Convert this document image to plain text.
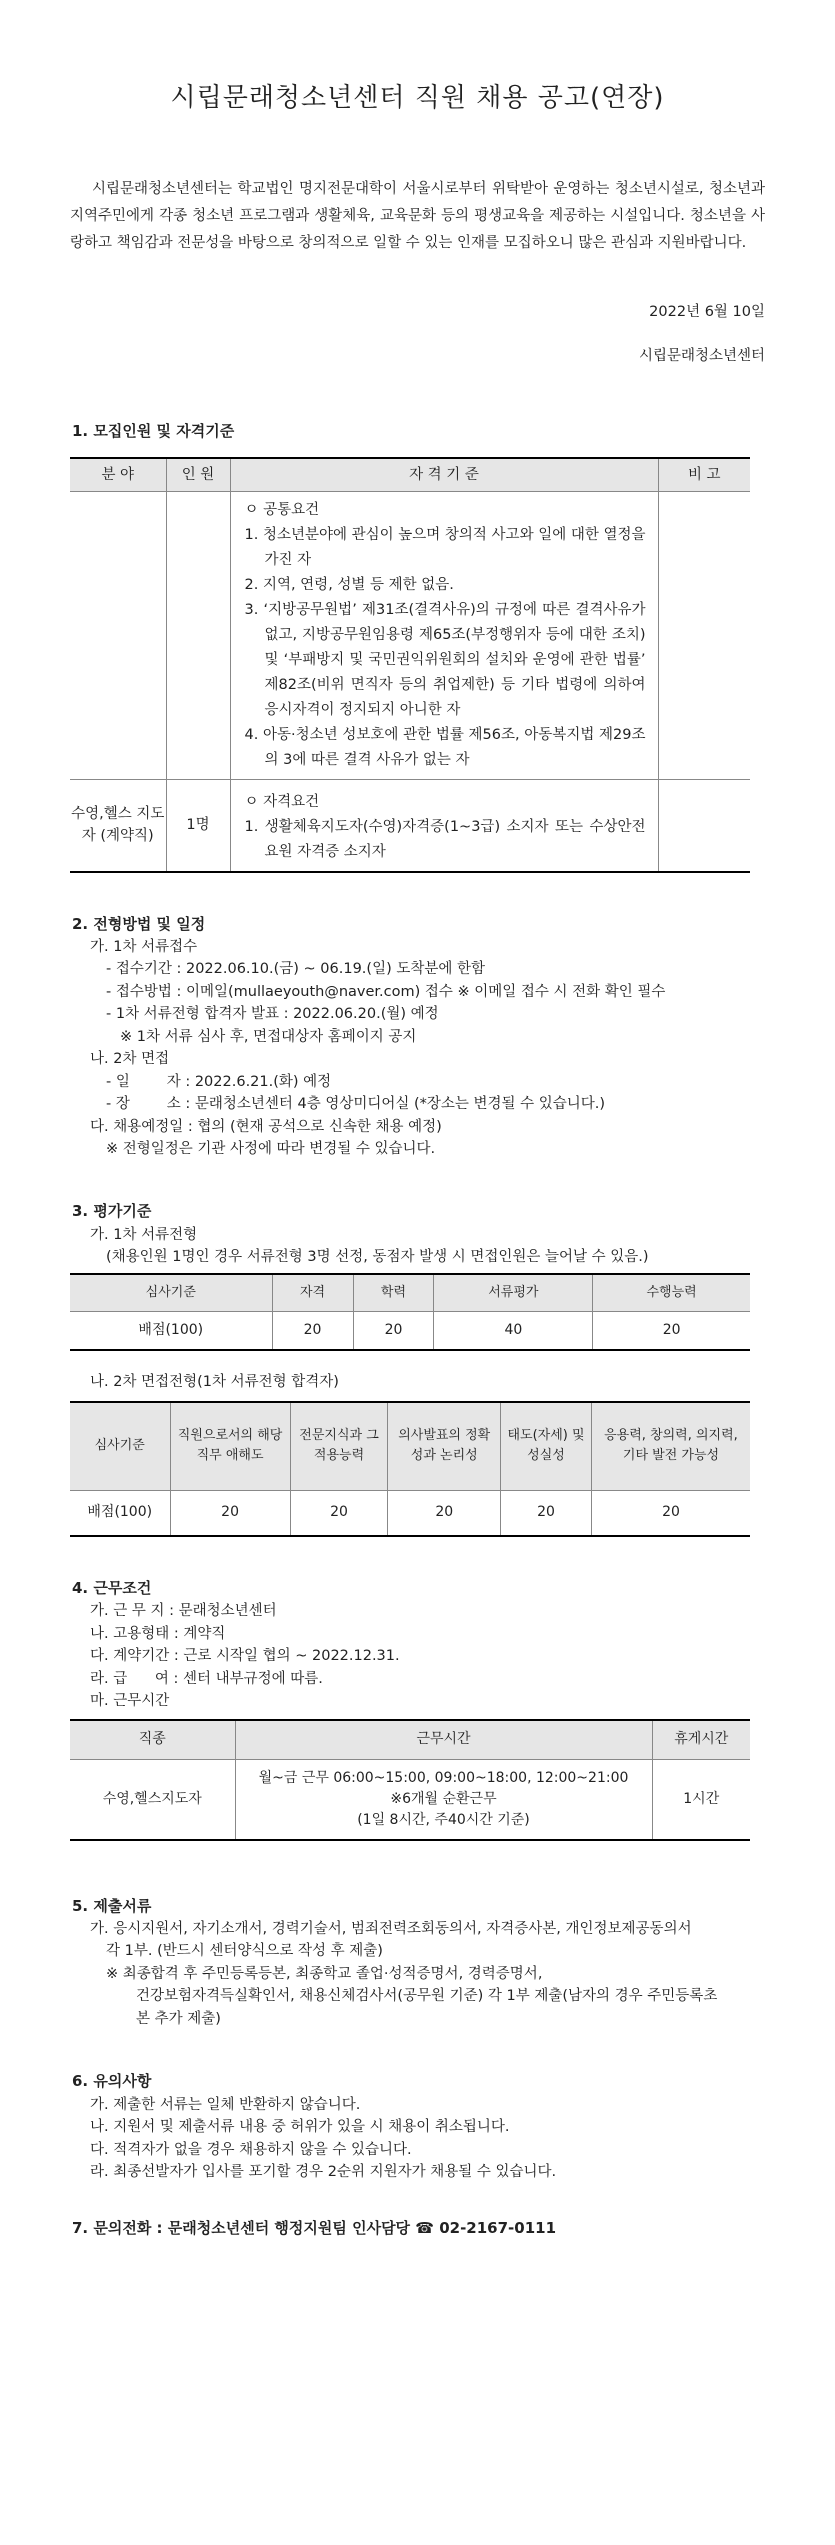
시립문래청소년센터 직원 채용 공고(연장)

시립문래청소년센터는 학교법인 명지전문대학이 서울시로부터 위탁받아 운영하는 청소년시설로, 청소년과 지역주민에게 각종 청소년 프로그램과 생활체육, 교육문화 등의 평생교육을 제공하는 시설입니다. 청소년을 사랑하고 책임감과 전문성을 바탕으로 창의적으로 일할 수 있는 인재를 모집하오니 많은 관심과 지원바랍니다.

2022년 6월 10일

시립문래청소년센터

1. 모집인원 및 자격기준
분 야	인 원	자 격 기 준	비 고

		ㅇ 공통요건
1. 청소년분야에 관심이 높으며 창의적 사고와 일에 대한 열정을 가진 자
2. 지역, 연령, 성별 등 제한 없음.
3. ‘지방공무원법’ 제31조(결격사유)의 규정에 따른 결격사유가 없고, 지방공무원임용령 제65조(부정행위자 등에 대한 조치) 및 ‘부패방지 및 국민권익위원회의 설치와 운영에 관한 법률’ 제82조(비위 면직자 등의 취업제한) 등 기타 법령에 의하여 응시자격이 정지되지 아니한 자
4. 아동·청소년 성보호에 관한 법률 제56조, 아동복지법 제29조의 3에 따른 결격 사유가 없는 자	

수영,헬스 지도자 (계약직)	1명	ㅇ 자격요건
1. 생활체육지도자(수영)자격증(1~3급) 소지자 또는 수상안전요원 자격증 소지자	

2. 전형방법 및 일정
가. 1차 서류접수
- 접수기간 : 2022.06.10.(금) ~ 06.19.(일) 도착분에 한함
- 접수방법 : 이메일(mullaeyouth@naver.com) 접수 ※ 이메일 접수 시 전화 확인 필수
- 1차 서류전형 합격자 발표 : 2022.06.20.(월) 예정
※ 1차 서류 심사 후, 면접대상자 홈페이지 공지
나. 2차 면접
- 일        자 : 2022.6.21.(화) 예정
- 장        소 : 문래청소년센터 4층 영상미디어실 (*장소는 변경될 수 있습니다.)
다. 채용예정일 : 협의 (현재 공석으로 신속한 채용 예정)
※ 전형일정은 기관 사정에 따라 변경될 수 있습니다.
3. 평가기준
가. 1차 서류전형
(채용인원 1명인 경우 서류전형 3명 선정, 동점자 발생 시 면접인원은 늘어날 수 있음.)
심사기준	자격	학력	서류평가	수행능력
배점(100)	20	20	40	20
나. 2차 면접전형(1차 서류전형 합격자)
심사기준	직원으로서의 해당직무 애해도	전문지식과 그 적용능력	의사발표의 정확성과 논리성	태도(자세) 및 성실성	응용력, 창의력, 의지력, 기타 발전 가능성
배점(100)	20	20	20	20	20
4. 근무조건
가. 근 무 지 : 문래청소년센터
나. 고용형태 : 계약직
다. 계약기간 : 근로 시작일 협의 ~ 2022.12.31.
라. 급      여 : 센터 내부규정에 따름.
마. 근무시간
직종	근무시간	휴게시간
수영,헬스지도자	월~금 근무 06:00~15:00, 09:00~18:00, 12:00~21:00
※6개월 순환근무
(1일 8시간, 주40시간 기준)	1시간
5. 제출서류
가. 응시지원서, 자기소개서, 경력기술서, 범죄전력조회동의서, 자격증사본, 개인정보제공동의서
각 1부. (반드시 센터양식으로 작성 후 제출)
※ 최종합격 후 주민등록등본, 최종학교 졸업·성적증명서, 경력증명서,
건강보험자격득실확인서, 채용신체검사서(공무원 기준) 각 1부 제출(남자의 경우 주민등록초
본 추가 제출)
6. 유의사항
가. 제출한 서류는 일체 반환하지 않습니다.
나. 지원서 및 제출서류 내용 중 허위가 있을 시 채용이 취소됩니다.
다. 적격자가 없을 경우 채용하지 않을 수 있습니다.
라. 최종선발자가 입사를 포기할 경우 2순위 지원자가 채용될 수 있습니다.
7. 문의전화 : 문래청소년센터 행정지원팀 인사담당 ☎ 02-2167-0111
